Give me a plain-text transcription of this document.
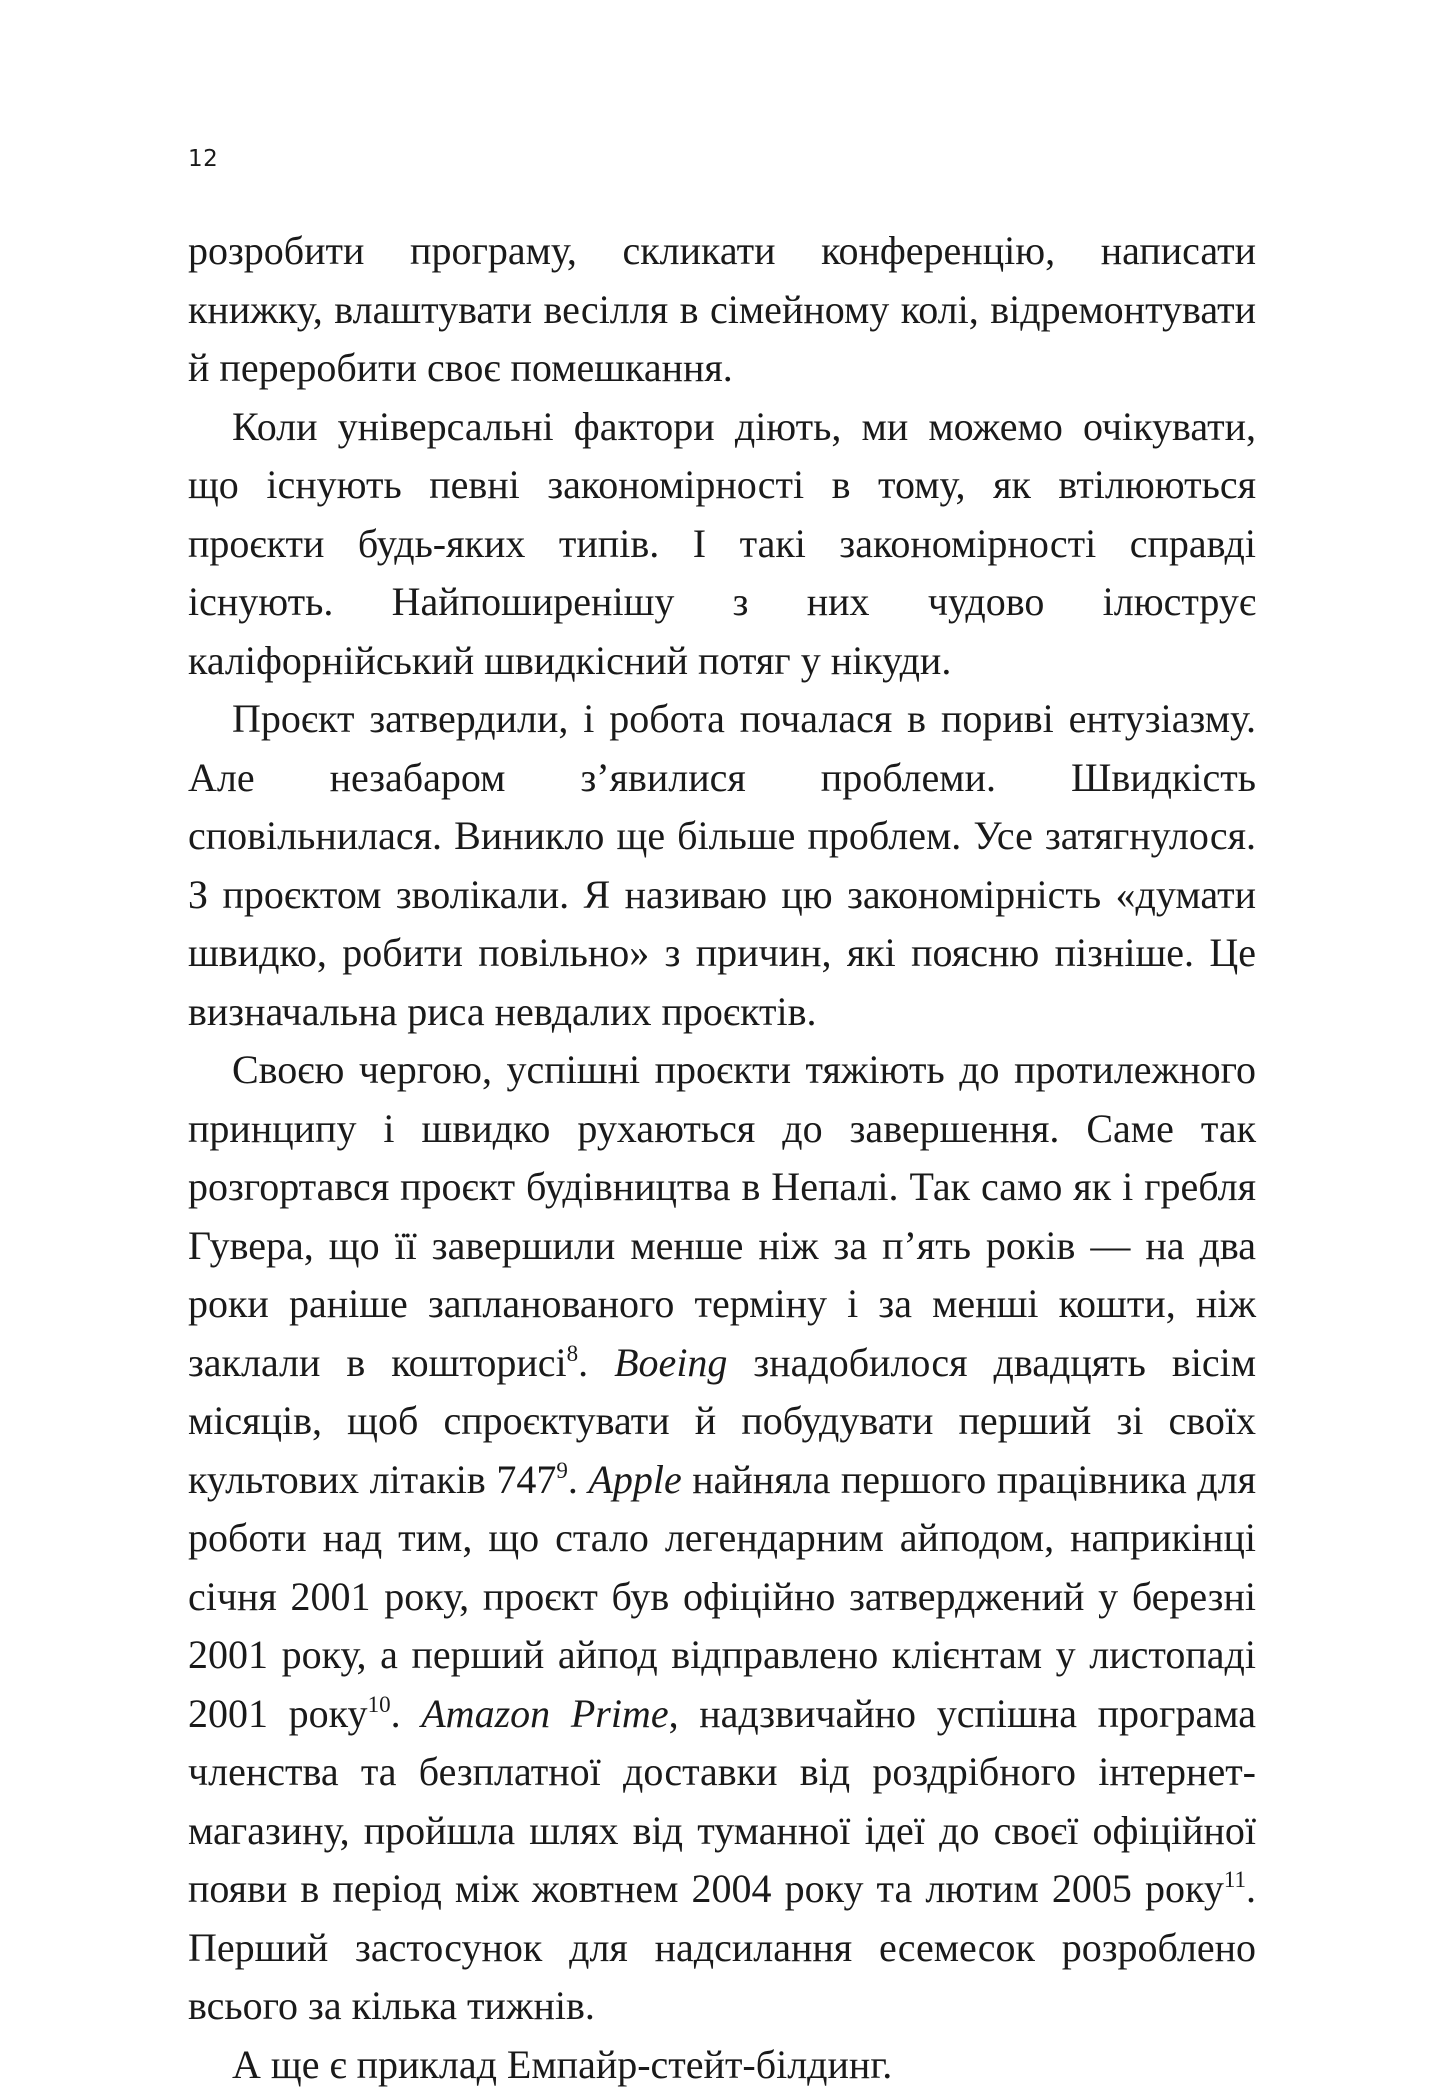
12

розробити програму, скликати конференцію, написати книжку, влаштувати весілля в сімейному колі, відремонтувати й переробити своє помешкання.

Коли універсальні фактори діють, ми можемо очікувати, що існують певні закономірності в тому, як втілюються проєкти будь-яких типів. І такі закономірності справді існують. Найпоширенішу з них чудово ілюструє каліфорнійський швидкісний потяг у нікуди.

Проєкт затвердили, і робота почалася в пориві ентузіазму. Але незабаром з’явилися проблеми. Швидкість сповільнилася. Виникло ще більше проблем. Усе затягнулося. З проєктом зволікали. Я називаю цю закономірність «думати швидко, робити повільно» з причин, які поясню пізніше. Це визначальна риса невдалих проєктів.

Своєю чергою, успішні проєкти тяжіють до протилежного принципу і швидко рухаються до завершення. Саме так розгортався проєкт будівництва в Непалі. Так само як і гребля Гувера, що її завершили менше ніж за п’ять років — на два роки раніше запланованого терміну і за менші кошти, ніж заклали в кошторисі$^8$. Boeing знадобилося двадцять вісім місяців, щоб спроєктувати й побудувати перший зі своїх культових літаків $747^9$. Apple найняла першого працівника для роботи над тим, що стало легендарним айподом, наприкінці січня 2001 року, проєкт був офіційно затверджений у березні 2001 року, а перший айпод відправлено клієнтам у листопаді 2001 року$^{10}$. Amazon Prime, надзвичайно успішна програма членства та безплатної доставки від роздрібного інтернет-магазину, пройшла шлях від туманної ідеї до своєї офіційної появи в період між жовтнем 2004 року та лютим 2005 року$^{11}$. Перший застосунок для надсилання есемесок розроблено всього за кілька тижнів.

А ще є приклад Емпайр-стейт-білдинг.
